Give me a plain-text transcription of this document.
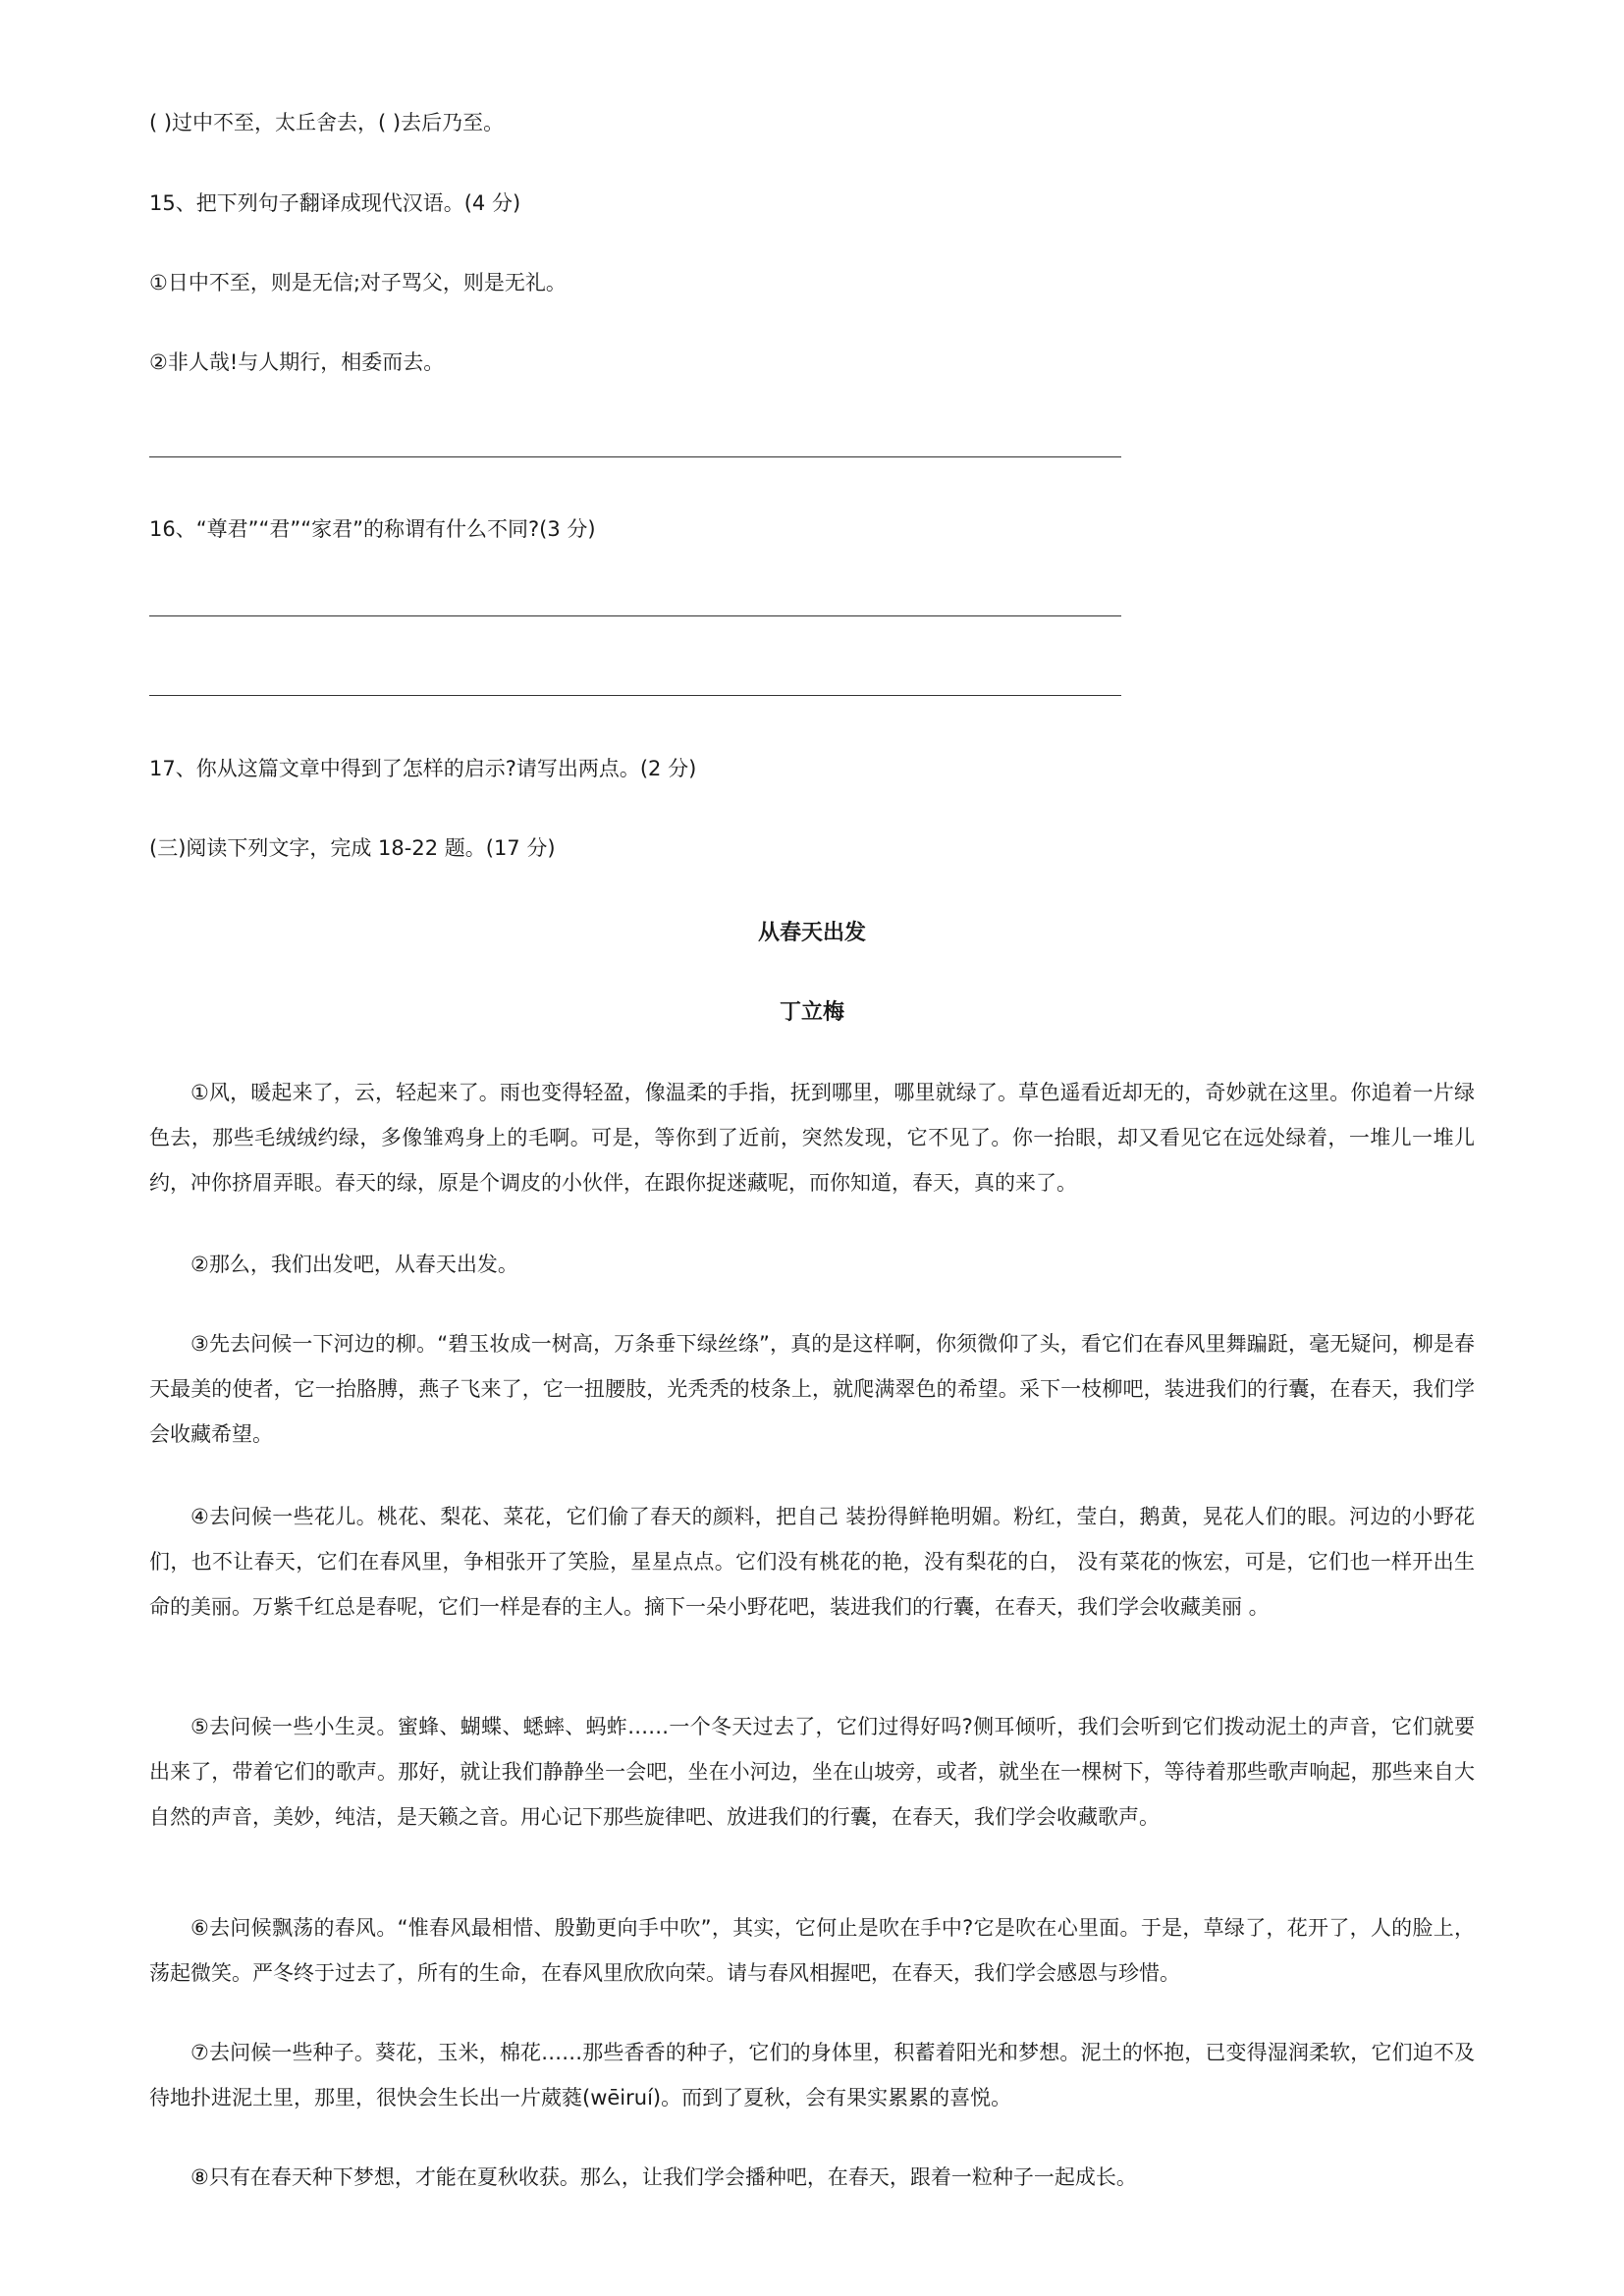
( )过中不至，太丘舍去，( )去后乃至。
15、把下列句子翻译成现代汉语。(4 分)
①日中不至，则是无信;对子骂父，则是无礼。
②非人哉!与人期行，相委而去。
16、“尊君”“君”“家君”的称谓有什么不同?(3 分)
17、你从这篇文章中得到了怎样的启示?请写出两点。(2 分)
(三)阅读下列文字，完成 18-22 题。(17 分)
从春天出发
丁立梅
①风，暖起来了，云，轻起来了。雨也变得轻盈，像温柔的手指，抚到哪里，哪里就绿了。草色遥看近却无的，奇妙就在这里。你追着一片绿色去，那些毛绒绒约绿，多像雏鸡身上的毛啊。可是，等你到了近前，突然发现，它不见了。你一抬眼，却又看见它在远处绿着，一堆儿一堆儿约，冲你挤眉弄眼。春天的绿，原是个调皮的小伙伴，在跟你捉迷藏呢，而你知道，春天，真的来了。
②那么，我们出发吧，从春天出发。
③先去问候一下河边的柳。“碧玉妆成一树高，万条垂下绿丝绦”，真的是这样啊，你须微仰了头，看它们在春风里舞蹁跹，毫无疑问，柳是春天最美的使者，它一抬胳膊，燕子飞来了，它一扭腰肢，光秃秃的枝条上，就爬满翠色的希望。采下一枝柳吧，装进我们的行囊，在春天，我们学会收藏希望。
④去问候一些花儿。桃花、梨花、菜花，它们偷了春天的颜料，把自己 装扮得鲜艳明媚。粉红，莹白，鹅黄，晃花人们的眼。河边的小野花们，也不让春天，它们在春风里，争相张开了笑脸，星星点点。它们没有桃花的艳，没有梨花的白， 没有菜花的恢宏，可是，它们也一样开出生命的美丽。万紫千红总是春呢，它们一样是春的主人。摘下一朵小野花吧，装进我们的行囊，在春天，我们学会收藏美丽 。
⑤去问候一些小生灵。蜜蜂、蝴蝶、蟋蟀、蚂蚱……一个冬天过去了，它们过得好吗?侧耳倾听，我们会听到它们拨动泥土的声音，它们就要出来了，带着它们的歌声。那好，就让我们静静坐一会吧，坐在小河边，坐在山坡旁，或者，就坐在一棵树下，等待着那些歌声响起，那些来自大自然的声音，美妙，纯洁，是天籁之音。用心记下那些旋律吧、放进我们的行囊，在春天，我们学会收藏歌声。
⑥去问候飘荡的春风。“惟春风最相惜、殷勤更向手中吹”，其实，它何止是吹在手中?它是吹在心里面。于是，草绿了，花开了，人的脸上，荡起微笑。严冬终于过去了，所有的生命，在春风里欣欣向荣。请与春风相握吧，在春天，我们学会感恩与珍惜。
⑦去问候一些种子。葵花，玉米，棉花……那些香香的种子，它们的身体里，积蓄着阳光和梦想。泥土的怀抱，已变得湿润柔软，它们迫不及待地扑进泥土里，那里，很快会生长出一片葳蕤(wēiruí)。而到了夏秋，会有果实累累的喜悦。
⑧只有在春天种下梦想，才能在夏秋收获。那么，让我们学会播种吧，在春天，跟着一粒种子一起成长。
